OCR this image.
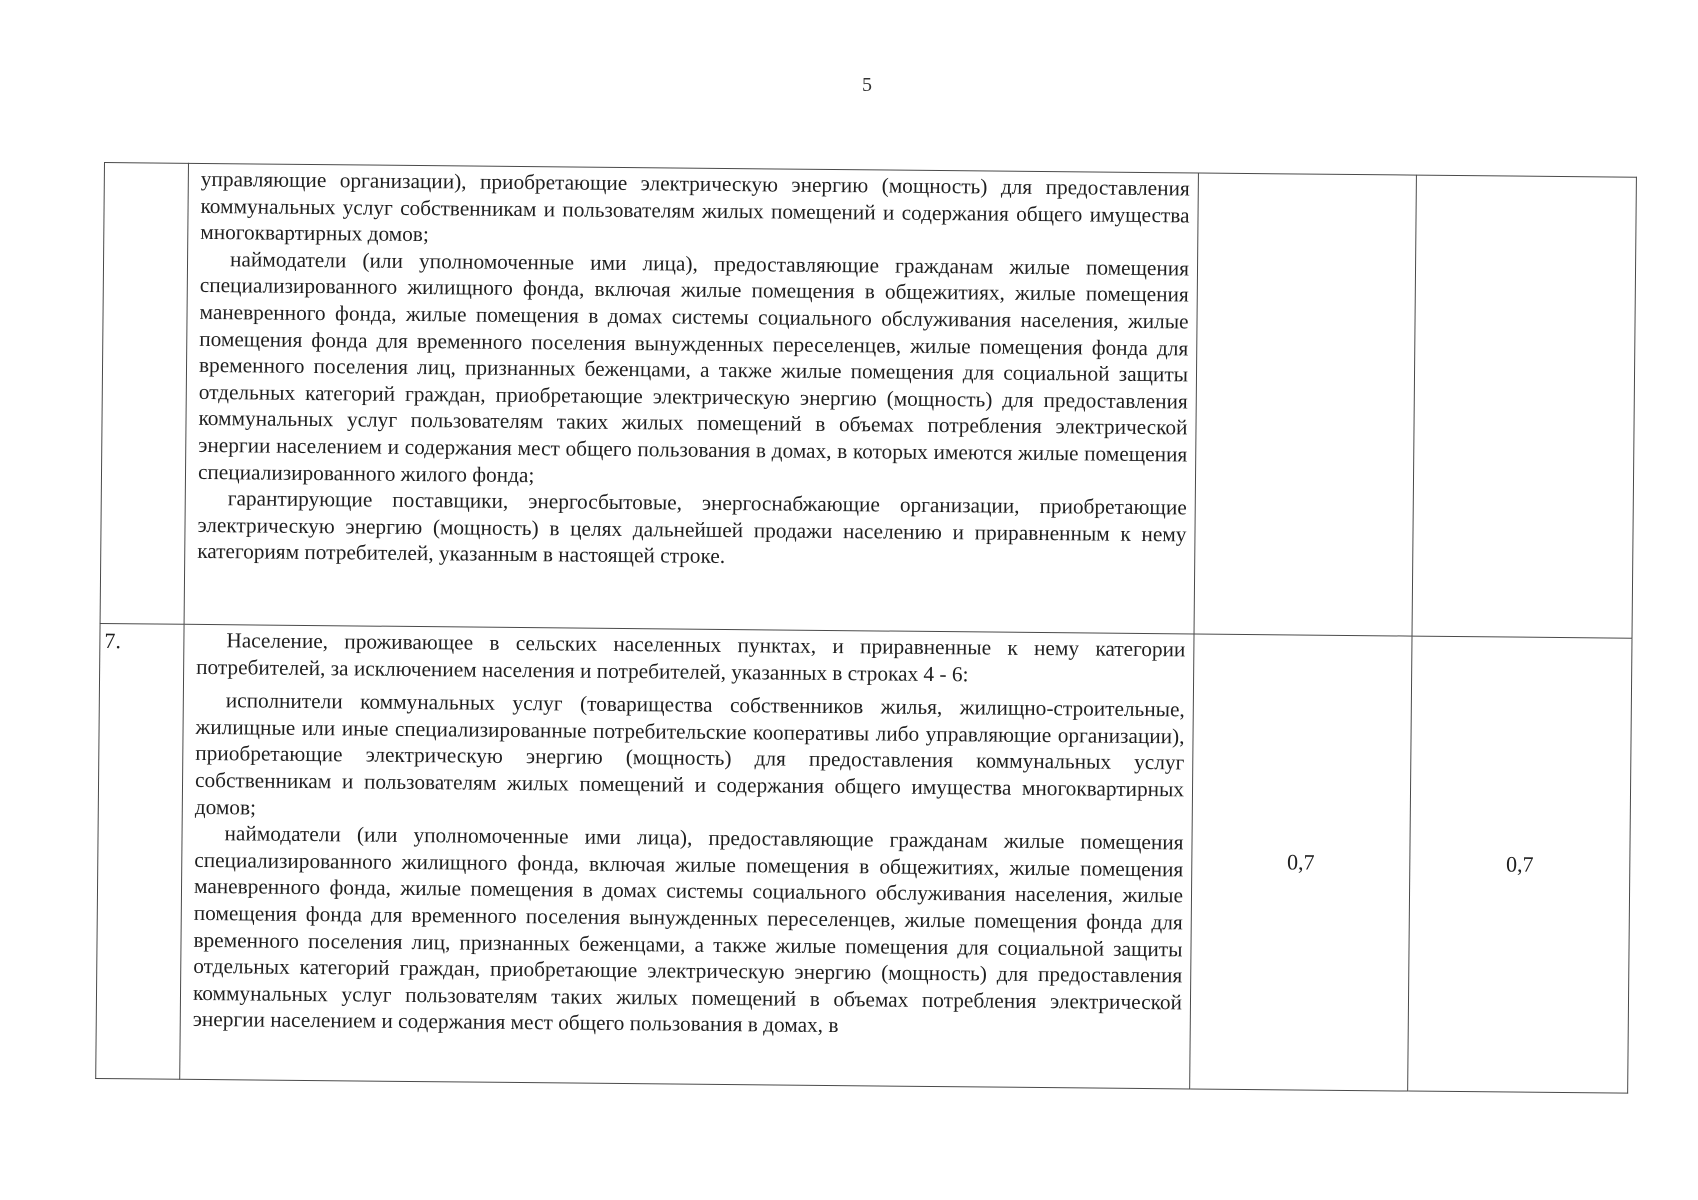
5

	управляющие организации), приобретающие электрическую энергию (мощность) для предоставления коммунальных услуг собственникам и пользователям жилых помещений и содержания общего имущества многоквартирных домов;

наймодатели (или уполномоченные ими лица), предоставляющие гражданам жилые помещения специализированного жилищного фонда, включая жилые помещения в общежитиях, жилые помещения маневренного фонда, жилые помещения в домах системы социального обслуживания населения, жилые помещения фонда для временного поселения вынужденных переселенцев, жилые помещения фонда для временного поселения лиц, признанных беженцами, а также жилые помещения для социальной защиты отдельных категорий граждан, приобретающие электрическую энергию (мощность) для предоставления коммунальных услуг пользователям таких жилых помещений в объемах потребления электрической энергии населением и содержания мест общего пользования в домах, в которых имеются жилые помещения специализированного жилого фонда;

гарантирующие поставщики, энергосбытовые, энергоснабжающие организации, приобретающие электрическую энергию (мощность) в целях дальнейшей продажи населению и приравненным к нему категориям потребителей, указанным в настоящей строке.		

7.	Население, проживающее в сельских населенных пунктах, и приравненные к нему категории потребителей, за исключением населения и потребителей, указанных в строках 4 - 6:

исполнители коммунальных услуг (товарищества собственников жилья, жилищно-строительные, жилищные или иные специализированные потребительские кооперативы либо управляющие организации), приобретающие электрическую энергию (мощность) для предоставления коммунальных услуг собственникам и пользователям жилых помещений и содержания общего имущества многоквартирных домов;

наймодатели (или уполномоченные ими лица), предоставляющие гражданам жилые помещения специализированного жилищного фонда, включая жилые помещения в общежитиях, жилые помещения маневренного фонда, жилые помещения в домах системы социального обслуживания населения, жилые помещения фонда для временного поселения вынужденных переселенцев, жилые помещения фонда для временного поселения лиц, признанных беженцами, а также жилые помещения для социальной защиты отдельных категорий граждан, приобретающие электрическую энергию (мощность) для предоставления коммунальных услуг пользователям таких жилых помещений в объемах потребления электрической энергии населением и содержания мест общего пользования в домах, в	0,7	0,7
